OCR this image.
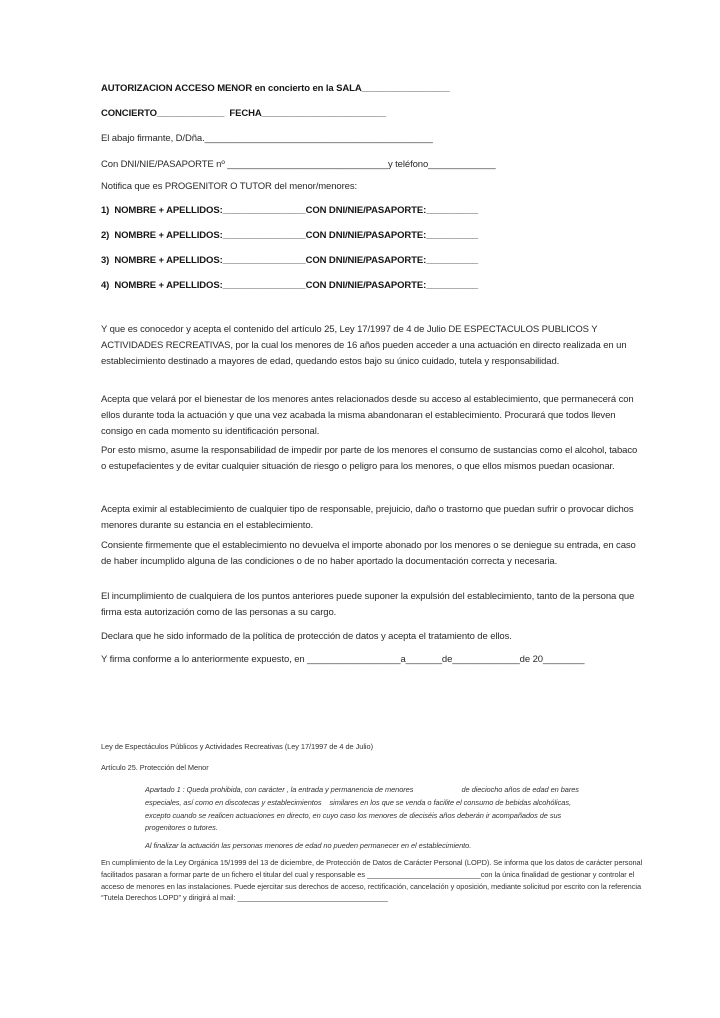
AUTORIZACION ACCESO MENOR en concierto en la SALA_________________
CONCIERTO_____________  FECHA________________________
El abajo firmante, D/Dña.____________________________________________
Con DNI/NIE/PASAPORTE nº _______________________________y teléfono_____________
Notifica que es PROGENITOR O TUTOR del menor/menores:
1)  NOMBRE + APELLIDOS:________________CON DNI/NIE/PASAPORTE:__________
2)  NOMBRE + APELLIDOS:________________CON DNI/NIE/PASAPORTE:__________
3)  NOMBRE + APELLIDOS:________________CON DNI/NIE/PASAPORTE:__________
4)  NOMBRE + APELLIDOS:________________CON DNI/NIE/PASAPORTE:__________
Y que es conocedor y acepta el contenido del artículo 25, Ley 17/1997 de 4 de Julio DE ESPECTACULOS PUBLICOS Y ACTIVIDADES RECREATIVAS, por la cual los menores de 16 años pueden acceder a una actuación en directo realizada en un establecimiento destinado a mayores de edad, quedando estos bajo su único cuidado, tutela y responsabilidad.
Acepta que velará por el bienestar de los menores antes relacionados desde su acceso al establecimiento, que permanecerá con ellos durante toda la actuación y que una vez acabada la misma abandonaran el establecimiento. Procurará que todos lleven consigo en cada momento su identificación personal.
Por esto mismo, asume la responsabilidad de impedir por parte de los menores el consumo de sustancias como el alcohol, tabaco o estupefacientes y de evitar cualquier situación de riesgo o peligro para los menores, o que ellos mismos puedan ocasionar.
Acepta eximir al establecimiento de cualquier tipo de responsable, prejuicio, daño o trastorno que puedan sufrir o provocar dichos menores durante su estancia en el establecimiento.
Consiente firmemente que el establecimiento no devuelva el importe abonado por los menores o se deniegue su entrada, en caso de haber incumplido alguna de las condiciones o de no haber aportado la documentación correcta y necesaria.
El incumplimiento de cualquiera de los puntos anteriores puede suponer la expulsión del establecimiento, tanto de la persona que firma esta autorización como de las personas a su cargo.
Declara que he sido informado de la política de protección de datos y acepta el tratamiento de ellos.
Y firma conforme a lo anteriormente expuesto, en __________________a_______de_____________de 20________
Ley de Espectáculos Públicos y Actividades Recreativas (Ley 17/1997 de 4 de Julio)
Artículo 25. Protección del Menor
Apartado 1 : Queda prohibida, con carácter , la entrada y permanencia de menores                        de dieciocho años de edad en bares
especiales, así como en discotecas y establecimientos    similares en los que se venda o facilite el consumo de bebidas alcohólicas,
excepto cuando se realicen actuaciones en directo, en cuyo caso los menores de dieciséis años deberán ir acompañados de sus
progenitores o tutores.
Al finalizar la actuación las personas menores de edad no pueden permanecer en el establecimiento.
En cumplimiento de la Ley Orgánica 15/1999 del 13 de diciembre, de Protección de Datos de Carácter Personal (LOPD). Se informa que los datos de carácter personal facilitados pasaran a formar parte de un fichero el titular del cual y responsable es ____________________________con la única finalidad de gestionar y controlar el acceso de menores en las instalaciones. Puede ejercitar sus derechos de acceso, rectificación, cancelación y oposición, mediante solicitud por escrito con la referencia “Tutela Derechos LOPD” y dirigirá al mail: _____________________________________
